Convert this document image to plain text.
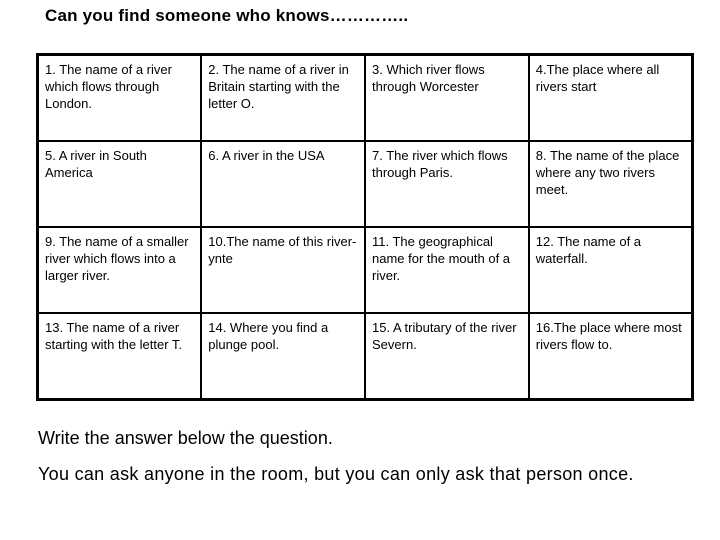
Can you find someone who knows…………..
1. The name of a river which flows through London.	2. The name of a river in Britain starting with the letter O.	3. Which river flows through Worcester	4.The place where all rivers start
5. A river in South America	6. A river in the USA	7. The river which flows through Paris.	8. The name of the place where any two rivers meet.
9. The name of a smaller river which flows into a larger river.	10.The name of this river- ynte	11. The geographical name for the mouth of a river.	12. The name of a waterfall.
13. The name of a river starting with the letter T.	14. Where you find a plunge pool.	15. A tributary of the river Severn.	16.The place where most rivers flow to.
Write the answer below the question.
You can ask anyone in the room, but you can only ask that person once.
